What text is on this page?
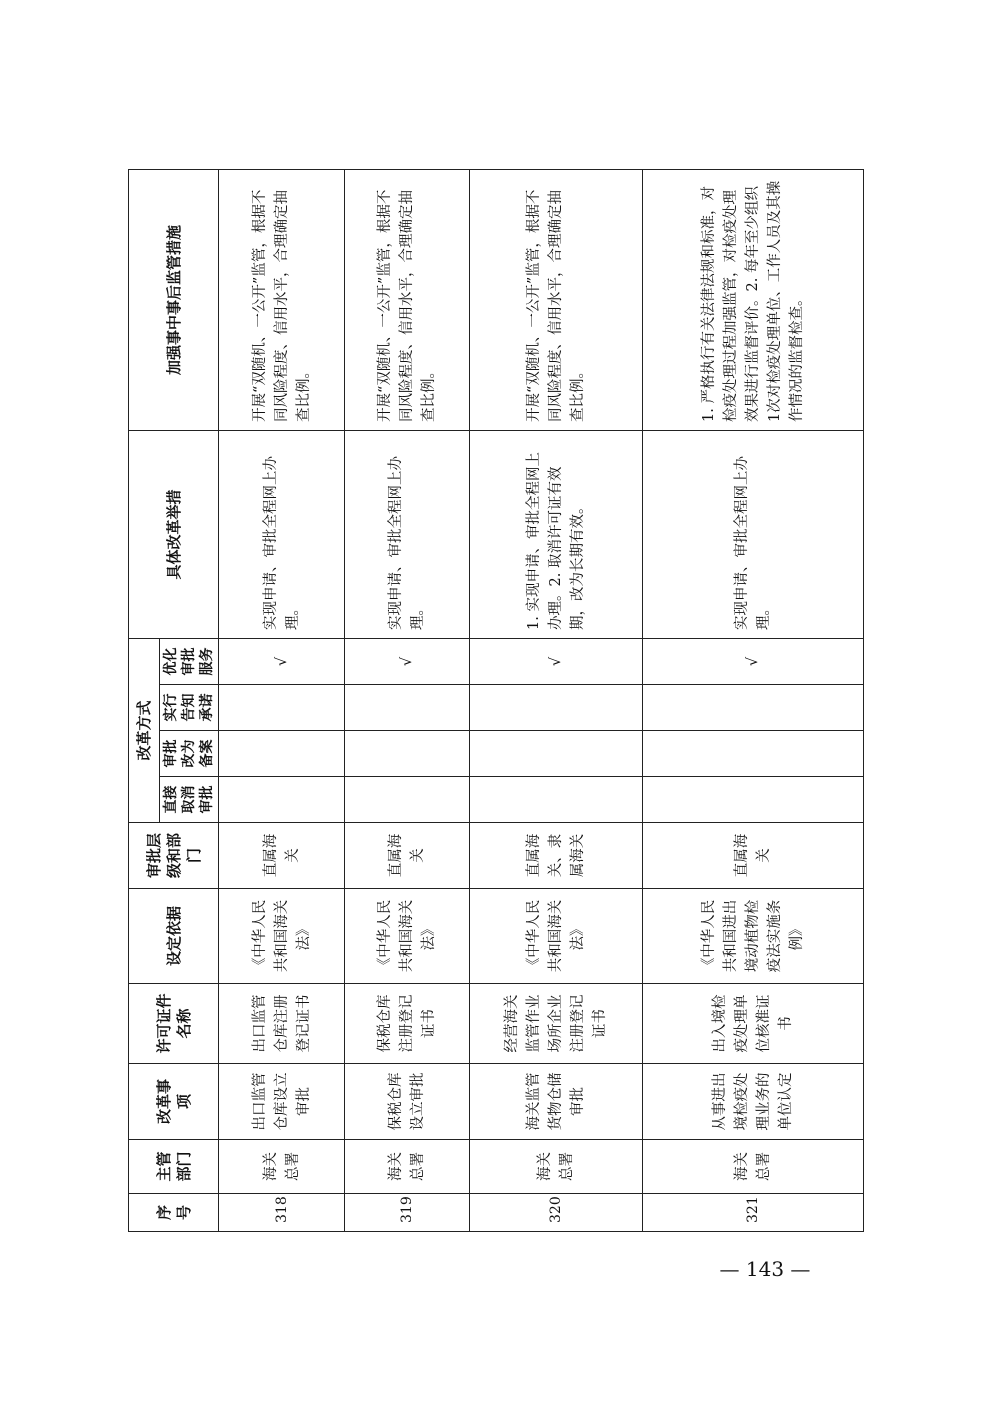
序号	主管部门	改革事项	许可证件名称	设定依据	审批层级和部门	改革方式				具体改革举措	加强事中事后监管措施
						直接取消审批	审批改为备案	实行告知承诺	优化审批服务		
318	海关总署	出口监管仓库设立审批	出口监管仓库注册登记证书	《中华人民共和国海关法》	直属海关				√	实现申请、审批全程网上办理。	开展“双随机、一公开”监管，根据不同风险程度、信用水平，合理确定抽查比例。
319	海关总署	保税仓库设立审批	保税仓库注册登记证书	《中华人民共和国海关法》	直属海关				√	实现申请、审批全程网上办理。	开展“双随机、一公开”监管，根据不同风险程度、信用水平，合理确定抽查比例。
320	海关总署	海关监管货物仓储审批	经营海关监管作业场所企业注册登记证书	《中华人民共和国海关法》	直属海关、隶属海关				√	1. 实现申请、审批全程网上办理。2. 取消许可证有效期，改为长期有效。	开展“双随机、一公开”监管，根据不同风险程度、信用水平，合理确定抽查比例。
321	海关总署	从事进出境检疫处理业务的单位认定	出入境检疫处理单位核准证书	《中华人民共和国进出境动植物检疫法实施条例》	直属海关				√	实现申请、审批全程网上办理。	1. 严格执行有关法律法规和标准，对检疫处理过程加强监管，对检疫处理效果进行监督评价。2. 每年至少组织1次对检疫处理单位、工作人员及其操作情况的监督检查。
— 143 —
